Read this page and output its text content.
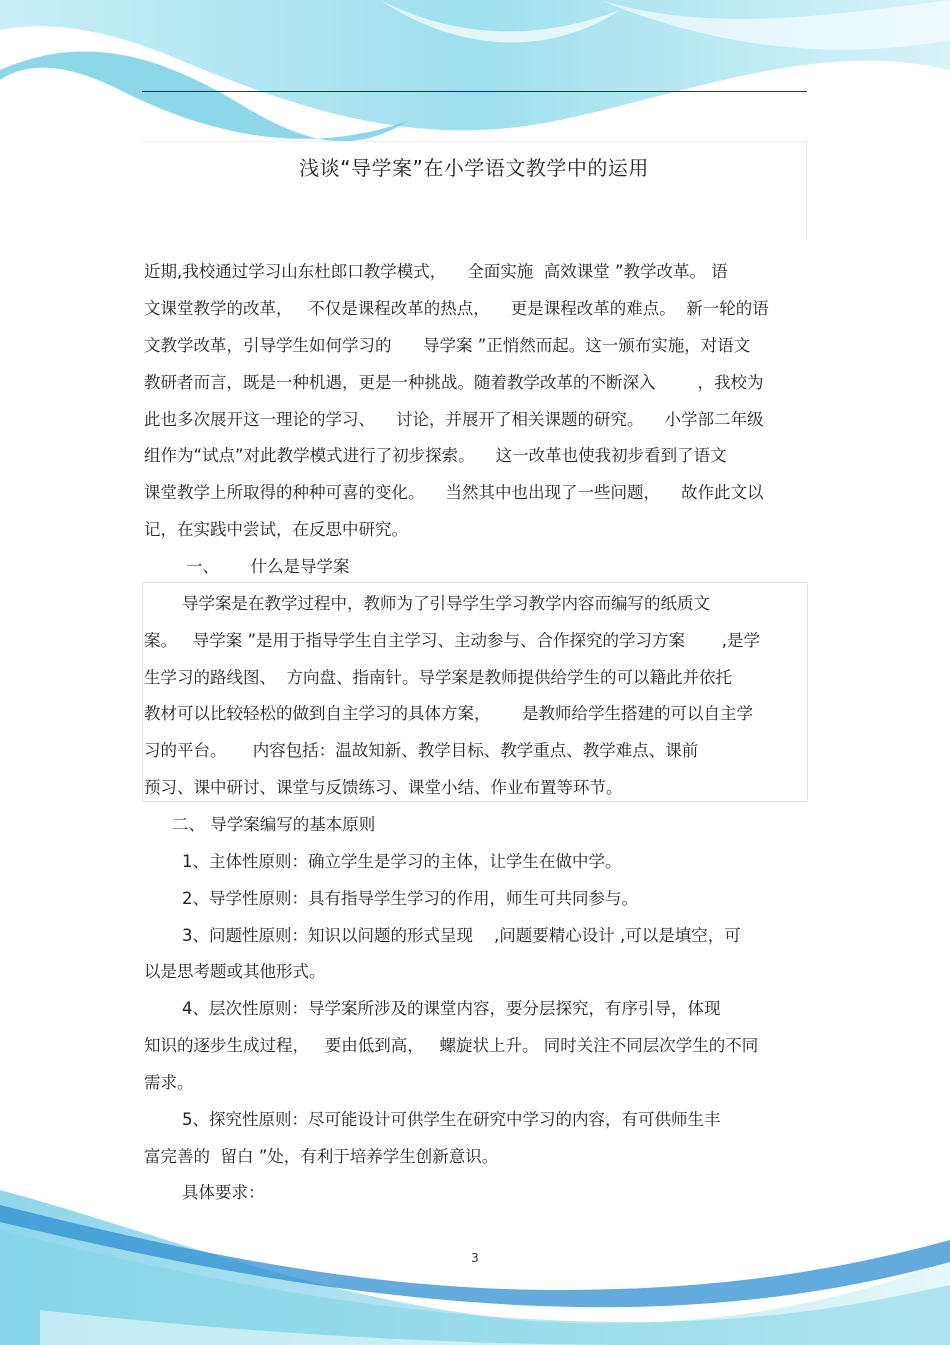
浅谈“导学案”在小学语文教学中的运用
近期,我校通过学习山东杜郎口教学模式，    全面实施  高效课堂 ”教学改革。 语
文课堂教学的改革，   不仅是课程改革的热点，    更是课程改革的难点。  新一轮的语
文教学改革，引导学生如何学习的      导学案 ”正悄然而起。这一颁布实施，对语文
教研者而言，既是一种机遇，更是一种挑战。随着教学改革的不断深入        ，我校为
此也多次展开这一理论的学习、    讨论，并展开了相关课题的研究。    小学部二年级
组作为“试点”对此教学模式进行了初步探索。    这一改革也使我初步看到了语文
课堂教学上所取得的种种可喜的变化。    当然其中也出现了一些问题，    故作此文以
记，在实践中尝试，在反思中研究。
一、      什么是导学案
导学案是在教学过程中，教师为了引导学生学习教学内容而编写的纸质文
案。   导学案 ”是用于指导学生自主学习、主动参与、合作探究的学习方案       ,是学
生学习的路线图、  方向盘、指南针。导学案是教师提供给学生的可以籍此并依托
教材可以比较轻松的做到自主学习的具体方案，      是教师给学生搭建的可以自主学
习的平台。     内容包括：温故知新、教学目标、教学重点、教学难点、课前
预习、课中研讨、课堂与反馈练习、课堂小结、作业布置等环节。
二、 导学案编写的基本原则
1、主体性原则：确立学生是学习的主体，让学生在做中学。
2、导学性原则：具有指导学生学习的作用，师生可共同参与。
3、问题性原则：知识以问题的形式呈现    ,问题要精心设计 ,可以是填空，可
以是思考题或其他形式。
4、层次性原则：导学案所涉及的课堂内容，要分层探究，有序引导，体现
知识的逐步生成过程，   要由低到高，   螺旋状上升。 同时关注不同层次学生的不同
需求。
5、探究性原则：尽可能设计可供学生在研究中学习的内容，有可供师生丰
富完善的  留白 ”处，有利于培养学生创新意识。
具体要求：
3
